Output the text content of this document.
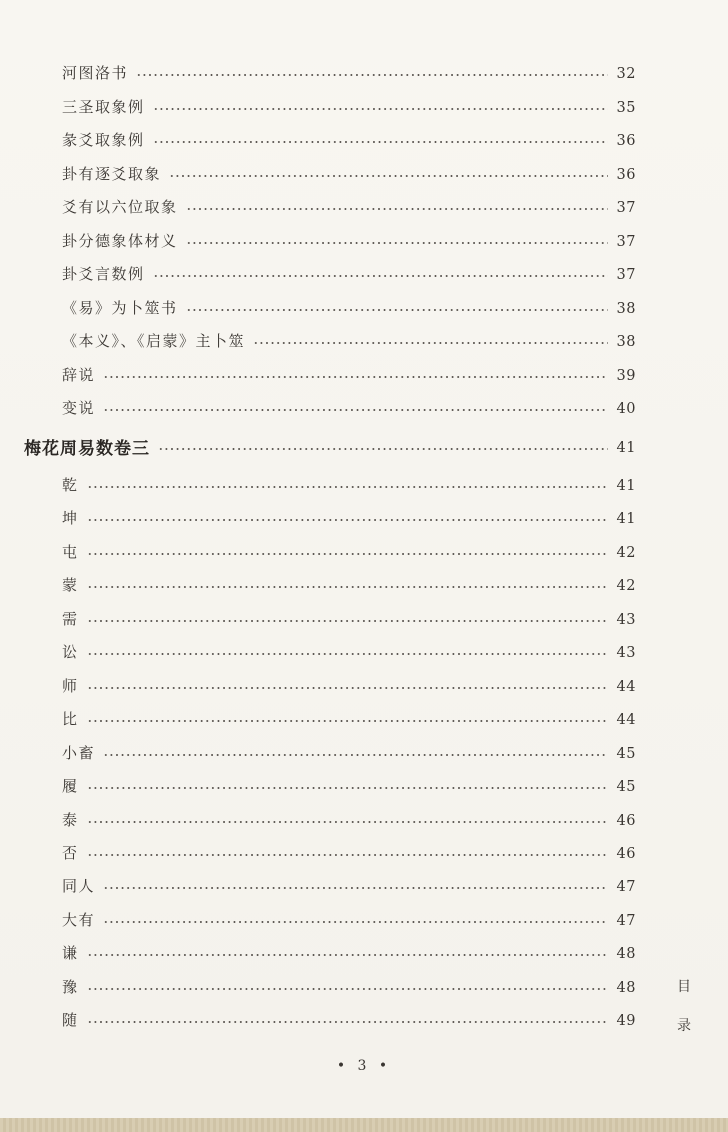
河图洛书	32
三圣取象例	35
彖爻取象例	36
卦有逐爻取象	36
爻有以六位取象	37
卦分德象体材义	37
卦爻言数例	37
《易》为卜筮书	38
《本义》、《启蒙》主卜筮	38
辞说	39
变说	40
梅花周易数卷三	41
乾	41
坤	41
屯	42
蒙	42
需	43
讼	43
师	44
比	44
小畜	45
履	45
泰	46
否	46
同人	47
大有	47
谦	48
豫	48
随	49
目
录
• 3 •
